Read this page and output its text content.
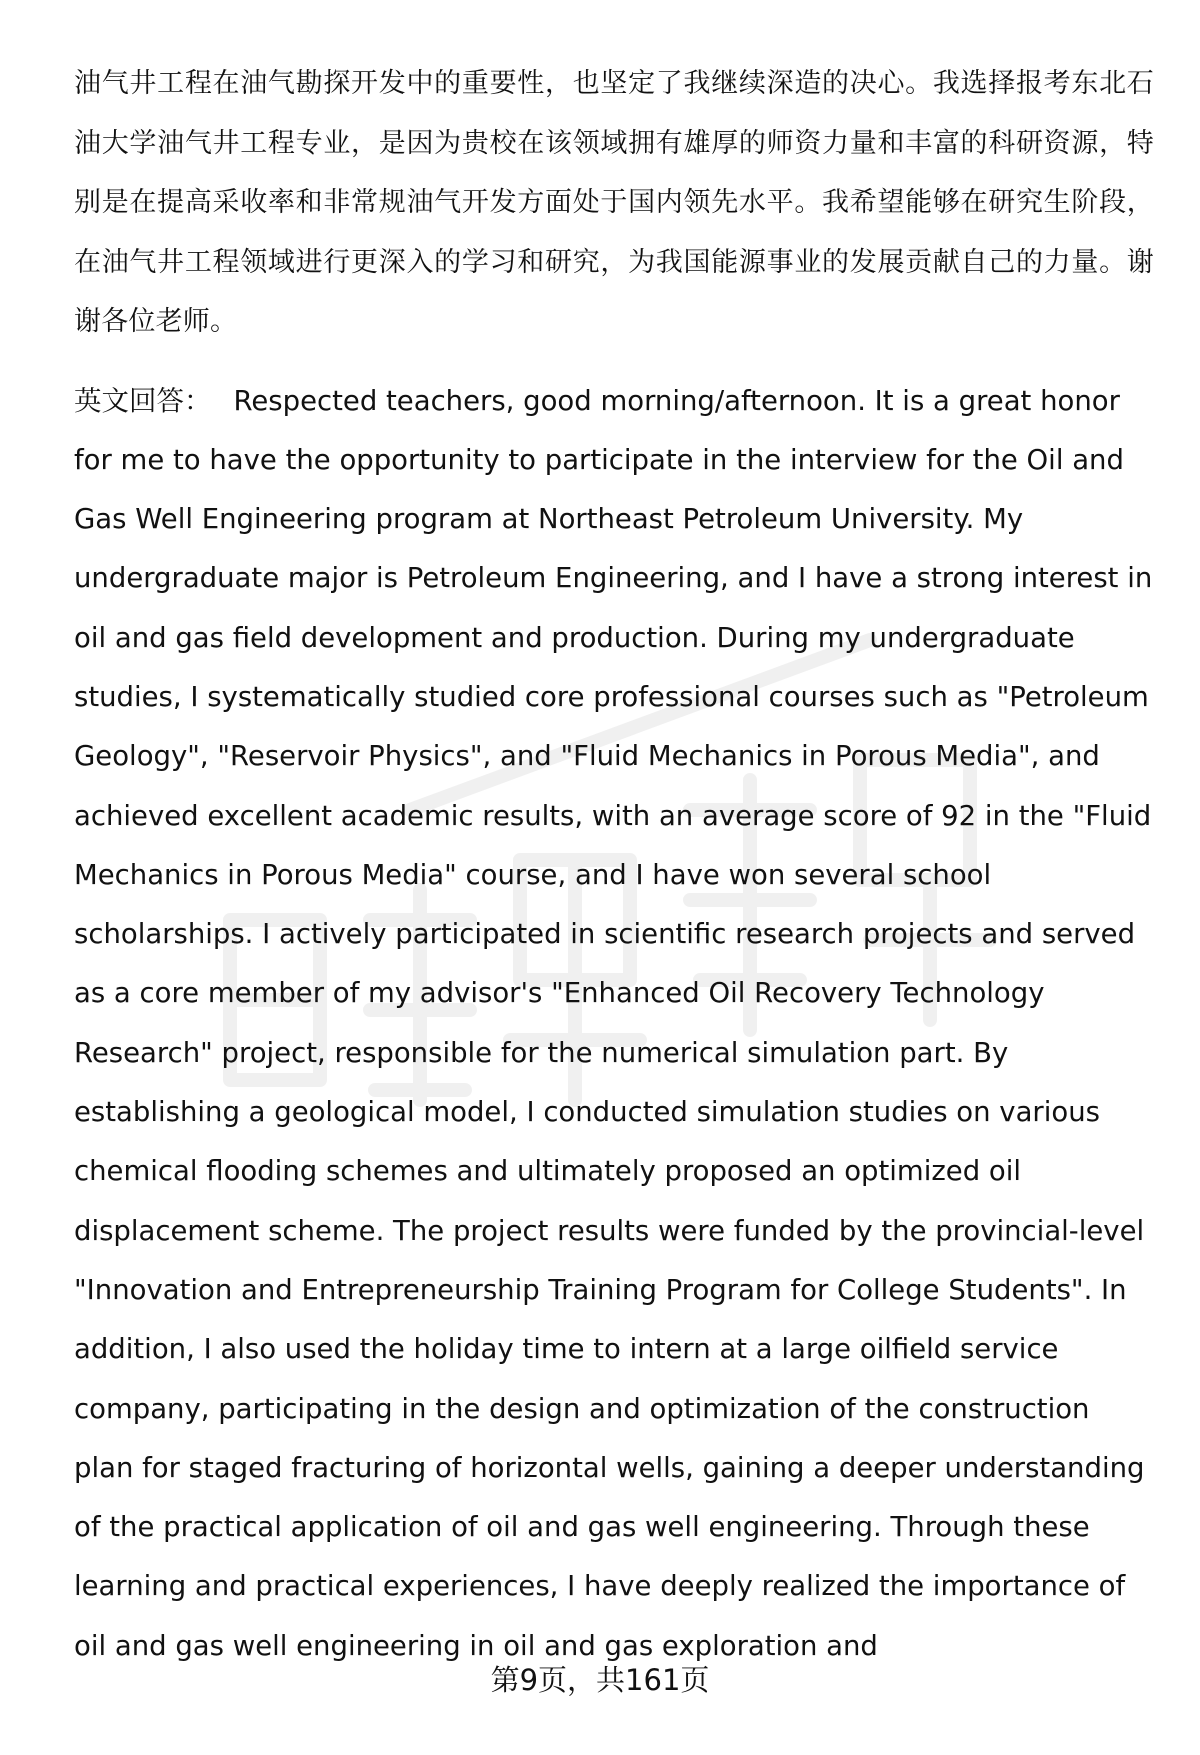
油气井工程在油气勘探开发中的重要性，也坚定了我继续深造的决心。我选择报考东北石油大学油气井工程专业，是因为贵校在该领域拥有雄厚的师资力量和丰富的科研资源，特别是在提高采收率和非常规油气开发方面处于国内领先水平。我希望能够在研究生阶段，在油气井工程领域进行更深入的学习和研究，为我国能源事业的发展贡献自己的力量。谢谢各位老师。

英文回答： Respected teachers, good morning/afternoon. It is a great honor for me to have the opportunity to participate in the interview for the Oil and Gas Well Engineering program at Northeast Petroleum University. My undergraduate major is Petroleum Engineering, and I have a strong interest in oil and gas field development and production. During my undergraduate studies, I systematically studied core professional courses such as "Petroleum Geology", "Reservoir Physics", and "Fluid Mechanics in Porous Media", and achieved excellent academic results, with an average score of 92 in the "Fluid Mechanics in Porous Media" course, and I have won several school scholarships. I actively participated in scientific research projects and served as a core member of my advisor's "Enhanced Oil Recovery Technology Research" project, responsible for the numerical simulation part. By establishing a geological model, I conducted simulation studies on various chemical flooding schemes and ultimately proposed an optimized oil displacement scheme. The project results were funded by the provincial-level "Innovation and Entrepreneurship Training Program for College Students". In addition, I also used the holiday time to intern at a large oilfield service company, participating in the design and optimization of the construction plan for staged fracturing of horizontal wells, gaining a deeper understanding of the practical application of oil and gas well engineering. Through these learning and practical experiences, I have deeply realized the importance of oil and gas well engineering in oil and gas exploration and

第9页，共161页
